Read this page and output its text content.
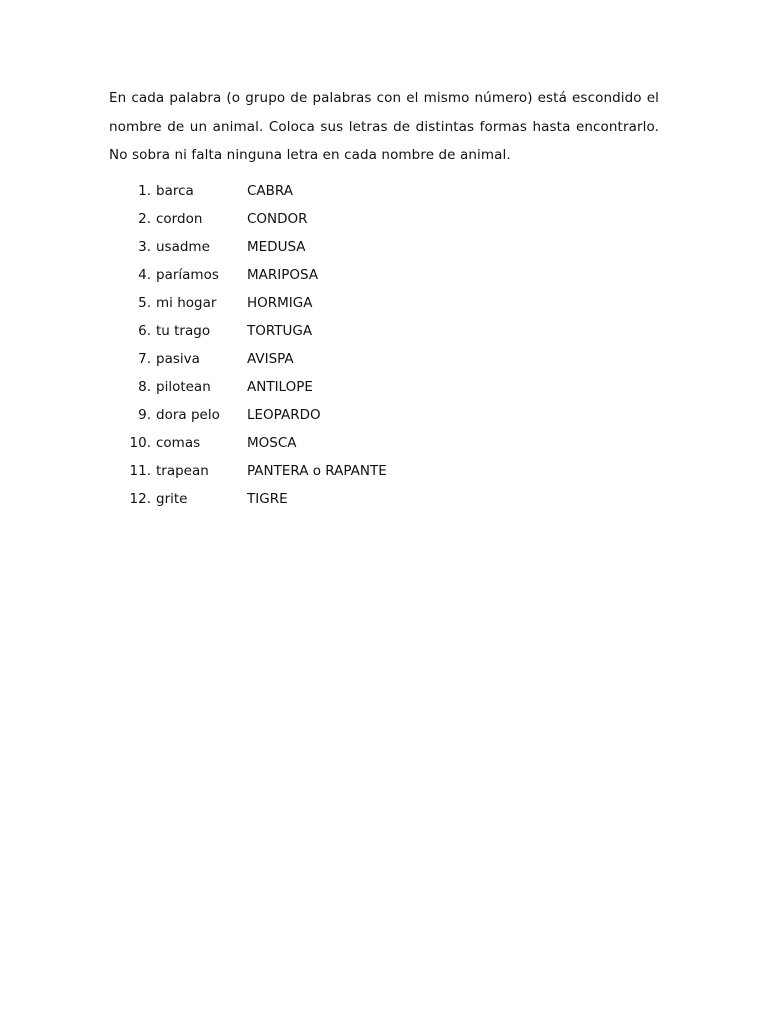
En cada palabra (o grupo de palabras con el mismo número) está escondido el nombre de un animal. Coloca sus letras de distintas formas hasta encontrarlo. No sobra ni falta ninguna letra en cada nombre de animal.

1. barca	CABRA
2. cordon	CONDOR
3. usadme	MEDUSA
4. paríamos MARIPOSA
5. mi hogar HORMIGA
6. tu trago	TORTUGA
7. pasiva	AVISPA
8. pilotean	ANTILOPE
9. dora pelo LEOPARDO
10. comas	MOSCA
11. trapean	PANTERA o RAPANTE
12. grite	TIGRE
